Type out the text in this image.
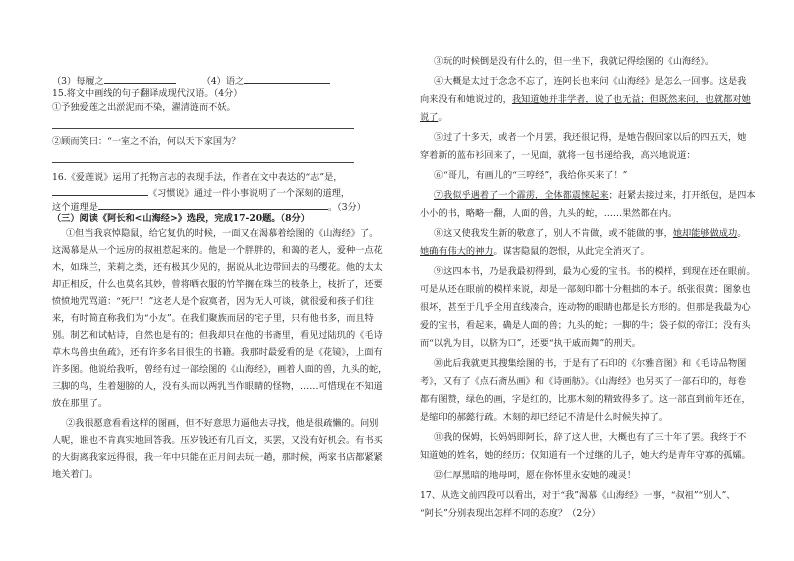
（3）每履之	（4）语之
15.将文中画线的句子翻译成现代汉语。（4分）
①予独爱莲之出淤泥而不染，濯清涟而不妖。
②顾而笑曰：“一室之不治，何以天下家国为？
16.《爱莲说》运用了托物言志的表现手法，作者在文中表达的“志”是，
《习惯说》通过一件小事说明了一个深刻的道理，
这个道理是	。（3分）
（三）阅读《阿长和<山海经>》选段，完成17-20题。（8分）
①但当我哀悼隐鼠，给它复仇的时候，一面又在渴慕着绘图的《山海经》了。
这渴慕是从一个远房的叔祖惹起来的。他是一个胖胖的，和蔼的老人，爱种一点花
木，如珠兰，茉莉之类，还有极其少见的，据说从北边带回去的马缨花。他的太太
却正相反，什么也莫名其妙，曾将晒衣服的竹竿搁在珠兰的枝条上，枝折了，还要
愤愤地咒骂道：“死尸！”这老人是个寂寞者，因为无人可谈，就很爱和孩子们往
来，有时简直称我们为“小友”。在我们聚族而居的宅子里，只有他书多，而且特
别。制艺和试帖诗，自然也是有的；但我却只在他的书斋里，看见过陆玑的《毛诗
草木鸟兽虫鱼疏》，还有许多名目很生的书籍。我那时最爱看的是《花镜》，上面有
许多图。他说给我听，曾经有过一部绘图的《山海经》，画着人面的兽，九头的蛇，
三脚的鸟，生着翅膀的人，没有头而以两乳当作眼睛的怪物，……可惜现在不知道
放在那里了。
②我很愿意看看这样的图画，但不好意思力逼他去寻找，他是很疏懒的。问别
人呢，谁也不肯真实地回答我。压岁钱还有几百文，买罢，又没有好机会。有书买
的大街离我家远得很，我一年中只能在正月间去玩一趟，那时候，两家书店都紧紧
地关着门。
③玩的时候倒是没有什么的，但一坐下，我就记得绘图的《山海经》。
④大概是太过于念念不忘了，连阿长也来问《山海经》是怎么一回事。这是我
向来没有和她说过的，我知道她并非学者，说了也无益；但既然来问，也就都对她
说了。
⑤过了十多天，或者一个月罢，我还很记得，是她告假回家以后的四五天，她
穿着新的蓝布衫回来了，一见面，就将一包书递给我，高兴地说道：
⑥“哥儿，有画儿的“三哼经”，我给你买来了！”
⑦我似乎遇着了一个霹雳，全体都震悚起来；赶紧去接过来，打开纸包，是四本
小小的书，略略一翻，人面的兽，九头的蛇，……果然都在内。
⑧这又使我发生新的敬意了，别人不肯做，或不能做的事，她却能够做成功。
她确有伟大的神力。谋害隐鼠的怨恨，从此完全消灭了。
⑨这四本书，乃是我最初得到，最为心爱的宝书。书的模样，到现在还在眼前。
可是从还在眼前的模样来说，却是一部刻印都十分粗拙的本子。纸张很黄；图象也
很坏，甚至于几乎全用直线凑合，连动物的眼睛也都是长方形的。但那是我最为心
爱的宝书，看起来，确是人面的兽；九头的蛇；一脚的牛；袋子似的帝江；没有头
而“以乳为目，以脐为口”，还要“执干戚而舞”的刑天。
⑩此后我就更其搜集绘图的书，于是有了石印的《尔雅音图》和《毛诗品物图
考》，又有了《点石斋丛画》和《诗画舫》。《山海经》也另买了一部石印的，每卷
都有图赞，绿色的画，字是红的，比那木刻的精致得多了。这一部直到前年还在，
是缩印的郝懿行疏。木刻的却已经记不清是什么时候失掉了。
⑪我的保姆，长妈妈即阿长，辞了这人世，大概也有了三十年了罢。我终于不
知道她的姓名，她的经历；仅知道有一个过继的儿子，她大约是青年守寡的孤孀。
⑫仁厚黑暗的地母呵，愿在你怀里永安她的魂灵！
17、从选文前四段可以看出，对于“我”渴慕《山海经》一事，“叔祖”“别人”、
“阿长”分别表现出怎样不同的态度？（2分）
